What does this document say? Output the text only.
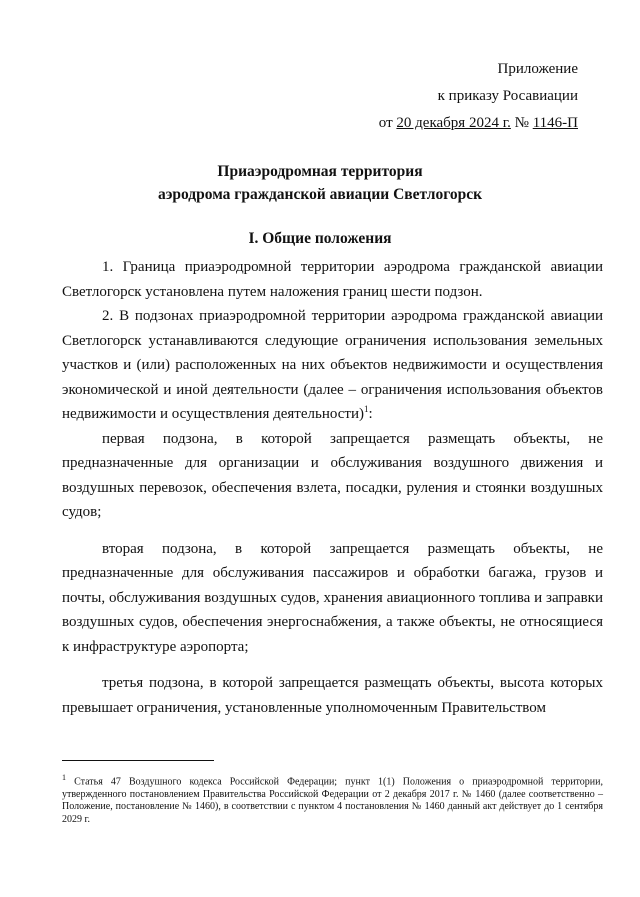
Приложение
к приказу Росавиации
от 20 декабря 2024 г. № 1146-П
Приаэродромная территория
аэродрома гражданской авиации Светлогорск
I. Общие положения

1. Граница приаэродромной территории аэродрома гражданской авиации Светлогорск установлена путем наложения границ шести подзон.

2. В подзонах приаэродромной территории аэродрома гражданской авиации Светлогорск устанавливаются следующие ограничения использования земельных участков и (или) расположенных на них объектов недвижимости и осуществления экономической и иной деятельности (далее – ограничения использования объектов недвижимости и осуществления деятельности)$^1$:

первая подзона, в которой запрещается размещать объекты, не предназначенные для организации и обслуживания воздушного движения и воздушных перевозок, обеспечения взлета, посадки, руления и стоянки воздушных судов;

вторая подзона, в которой запрещается размещать объекты, не предназначенные для обслуживания пассажиров и обработки багажа, грузов и почты, обслуживания воздушных судов, хранения авиационного топлива и заправки воздушных судов, обеспечения энергоснабжения, а также объекты, не относящиеся к инфраструктуре аэропорта;

третья подзона, в которой запрещается размещать объекты, высота которых превышает ограничения, установленные уполномоченным Правительством

$^1$ Статья 47 Воздушного кодекса Российской Федерации; пункт 1(1) Положения о приаэродромной территории, утвержденного постановлением Правительства Российской Федерации от 2 декабря 2017 г. № 1460 (далее соответственно – Положение, постановление № 1460), в соответствии с пунктом 4 постановления № 1460 данный акт действует до 1 сентября 2029 г.
